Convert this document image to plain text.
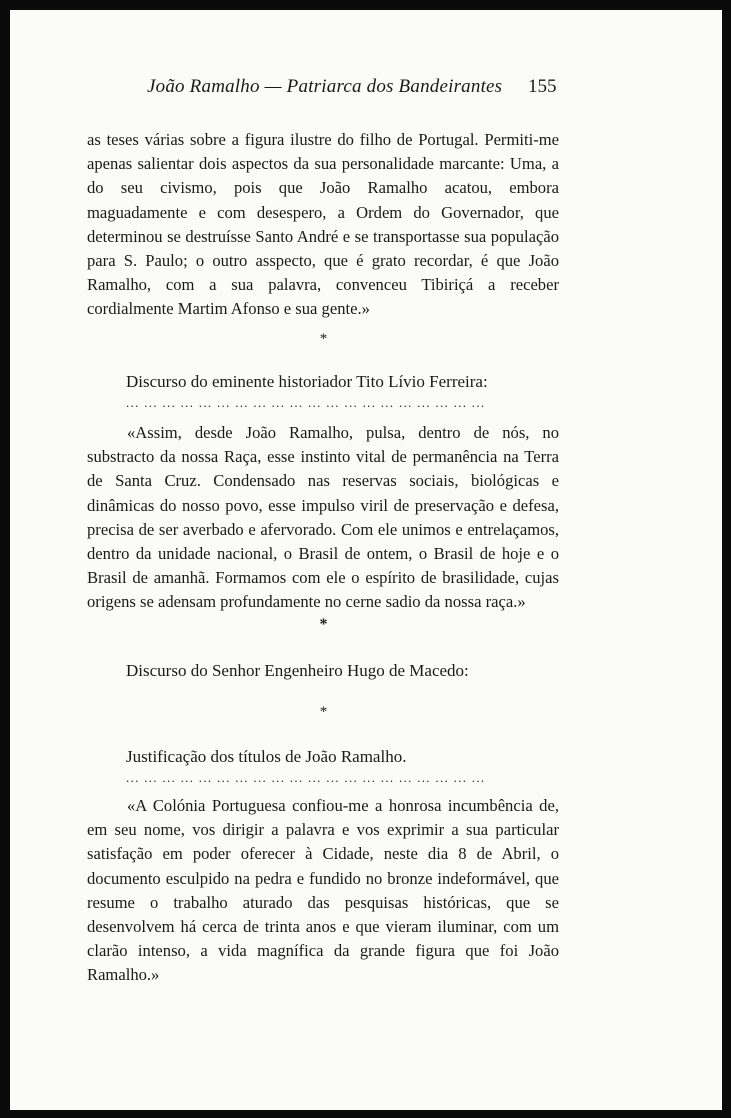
João Ramalho — Patriarca dos Bandeirantes 155

as teses várias sobre a figura ilustre do filho de Portugal. Permiti-me apenas salientar dois aspectos da sua personalidade marcante: Uma, a do seu civismo, pois que João Ramalho acatou, embora maguadamente e com desespero, a Ordem do Governador, que determinou se destruísse Santo André e se transportasse sua população para S. Paulo; o outro asspecto, que é grato recordar, é que João Ramalho, com a sua palavra, convenceu Tibiriçá a receber cordialmente Martim Afonso e sua gente.»

*
Discurso do eminente historiador Tito Lívio Ferreira:
... ... ... ... ... ... ... ... ... ... ... ... ... ... ... ... ... ... ... ...

«Assim, desde João Ramalho, pulsa, dentro de nós, no substracto da nossa Raça, esse instinto vital de permanência na Terra de Santa Cruz. Condensado nas reservas sociais, biológicas e dinâmicas do nosso povo, esse impulso viril de preservação e defesa, precisa de ser averbado e afervorado. Com ele unimos e entrelaçamos, dentro da unidade nacional, o Brasil de ontem, o Brasil de hoje e o Brasil de amanhã. Formamos com ele o espírito de brasilidade, cujas origens se adensam profundamente no cerne sadio da nossa raça.»

*
Discurso do Senhor Engenheiro Hugo de Macedo:
*
Justificação dos títulos de João Ramalho.
... ... ... ... ... ... ... ... ... ... ... ... ... ... ... ... ... ... ... ...

«A Colónia Portuguesa confiou-me a honrosa incumbência de, em seu nome, vos dirigir a palavra e vos exprimir a sua particular satisfação em poder oferecer à Cidade, neste dia 8 de Abril, o documento esculpido na pedra e fundido no bronze indeformável, que resume o trabalho aturado das pesquisas históricas, que se desenvolvem há cerca de trinta anos e que vieram iluminar, com um clarão intenso, a vida magnífica da grande figura que foi João Ramalho.»
